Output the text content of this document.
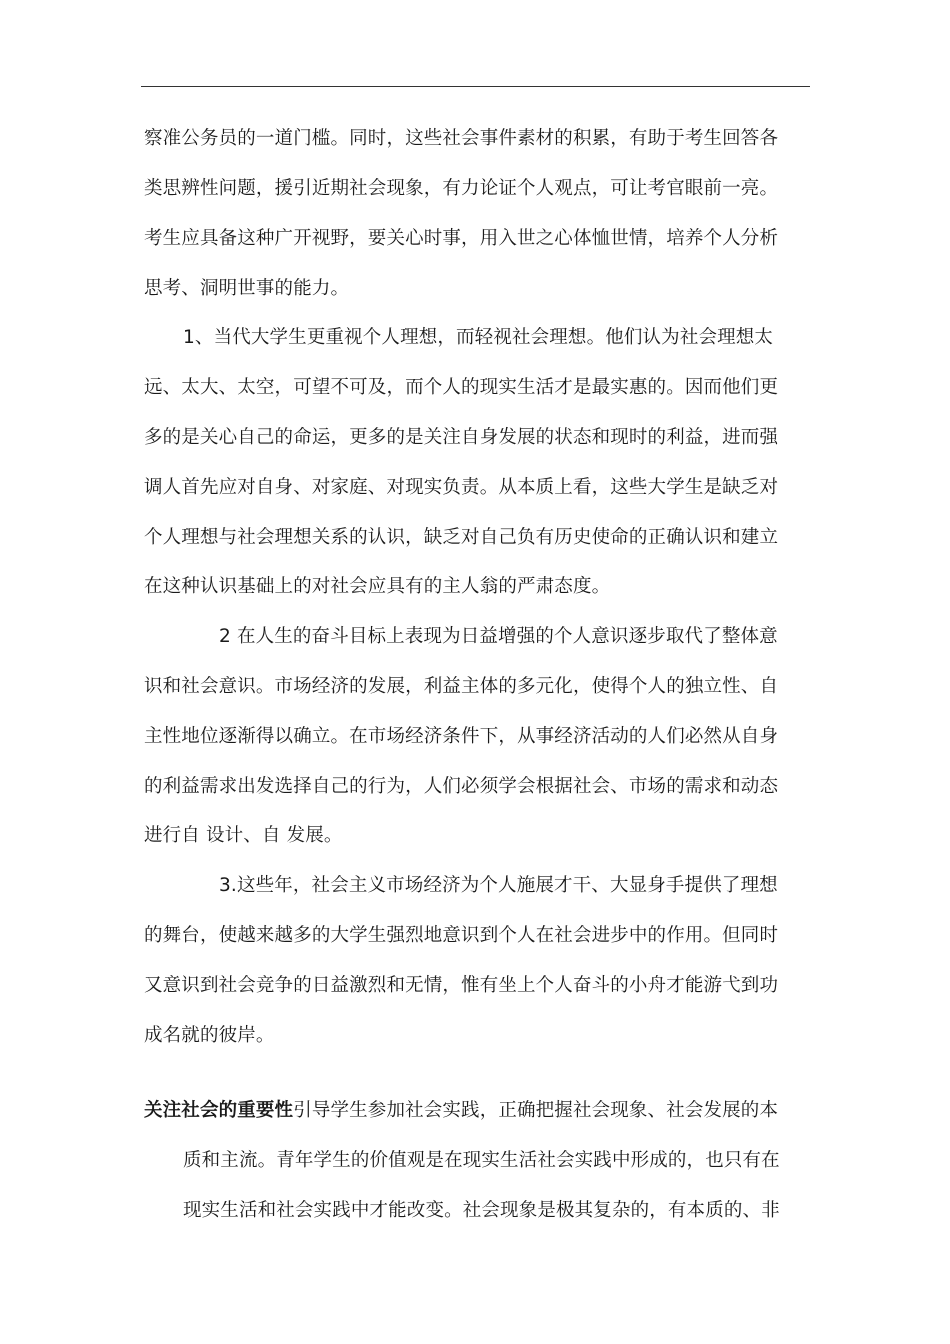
察准公务员的一道门槛。同时，这些社会事件素材的积累，有助于考生回答各
类思辨性问题，援引近期社会现象，有力论证个人观点，可让考官眼前一亮。
考生应具备这种广开视野，要关心时事，用入世之心体恤世情，培养个人分析
思考、洞明世事的能力。
1、当代大学生更重视个人理想，而轻视社会理想。他们认为社会理想太
远、太大、太空，可望不可及，而个人的现实生活才是最实惠的。因而他们更
多的是关心自己的命运，更多的是关注自身发展的状态和现时的利益，进而强
调人首先应对自身、对家庭、对现实负责。从本质上看，这些大学生是缺乏对
个人理想与社会理想关系的认识，缺乏对自己负有历史使命的正确认识和建立
在这种认识基础上的对社会应具有的主人翁的严肃态度。
2 在人生的奋斗目标上表现为日益增强的个人意识逐步取代了整体意
识和社会意识。市场经济的发展，利益主体的多元化，使得个人的独立性、自
主性地位逐渐得以确立。在市场经济条件下，从事经济活动的人们必然从自身
的利益需求出发选择自己的行为，人们必须学会根据社会、市场的需求和动态
进行自 设计、自 发展。
3.这些年，社会主义市场经济为个人施展才干、大显身手提供了理想
的舞台，使越来越多的大学生强烈地意识到个人在社会进步中的作用。但同时
又意识到社会竞争的日益激烈和无情，惟有坐上个人奋斗的小舟才能游弋到功
成名就的彼岸。
关注社会的重要性引导学生参加社会实践，正确把握社会现象、社会发展的本
质和主流。青年学生的价值观是在现实生活社会实践中形成的，也只有在
现实生活和社会实践中才能改变。社会现象是极其复杂的，有本质的、非
